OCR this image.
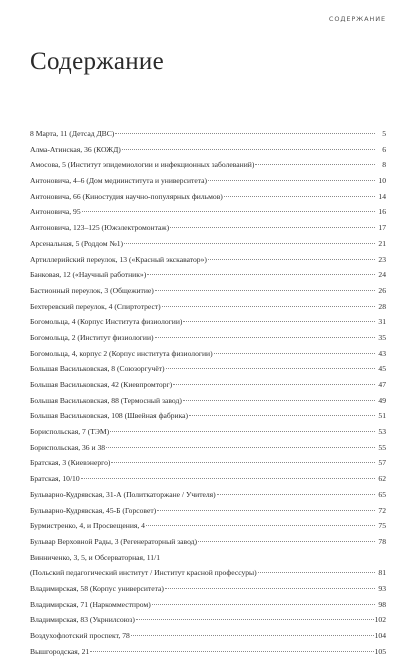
СОДЕРЖАНИЕ
Содержание
8 Марта, 11 (Детсад ДВС)	5
Алма-Атинская, 36 (КОЖД)	6
Амосова, 5 (Институт эпидемиологии и инфекционных заболеваний)	8
Антоновича, 4–6 (Дом медиинститута и университета)	10
Антоновича, 66 (Киностудия научно-популярных фильмов)	14
Антоновича, 95	16
Антоновича, 123–125 (Южэлектромонтаж)	17
Арсенальная, 5 (Роддом №1)	21
Артиллерийский переулок, 13 («Красный экскаватор»)	23
Банковая, 12 («Научный работник»)	24
Бастионный переулок, 3 (Общежитие)	26
Бехтеревский переулок, 4 (Спиртотрест)	28
Богомольца, 4 (Корпус Института физиологии)	31
Богомольца, 2 (Институт физиологии)	35
Богомольца, 4, корпус 2 (Корпус института физиологии)	43
Большая Васильковская, 8 (Союзоргучёт)	45
Большая Васильковская, 42 (Киевпромторг)	47
Большая Васильковская, 88 (Термосный завод)	49
Большая Васильковская, 108 (Швейная фабрика)	51
Бориспольская, 7 (ТЭМ)	53
Бориспольская, 36 и 38	55
Братская, 3 (Киевэнерго)	57
Братская, 10/10	62
Бульварно-Кудрявская, 31-А (Политкаторжане / Учителя)	65
Бульварно-Кудрявская, 45-Б (Горсовет)	72
Бурмистренко, 4, и Просвещения, 4	75
Бульвар Верховной Рады, 3 (Регенераторный завод)	78
Винниченко, 3, 5, и Обсерваторная, 11/1
(Польский педагогический институт / Институт красной профессуры)	81
Владимирская, 58 (Корпус университета)	93
Владимирская, 71 (Наркомместпром)	98
Владимирская, 83 (Укрнилсоюз)	102
Воздухофлотский проспект, 78	104
Вышгородская, 21	105
